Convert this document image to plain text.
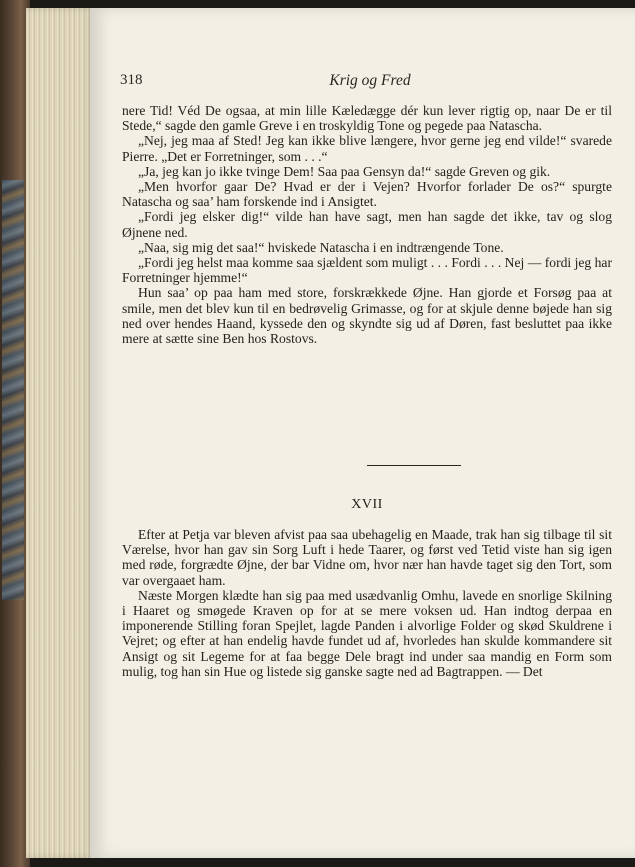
318	Krig og Fred

nere Tid! Véd De ogsaa, at min lille Kæledægge dér kun lever rigtig op, naar De er til Stede,“ sagde den gamle Greve i en troskyldig Tone og pegede paa Natascha.

„Nej, jeg maa af Sted! Jeg kan ikke blive længere, hvor gerne jeg end vilde!“ svarede Pierre. „Det er Forretninger, som . . .“

„Ja, jeg kan jo ikke tvinge Dem! Saa paa Gensyn da!“ sagde Greven og gik.

„Men hvorfor gaar De? Hvad er der i Vejen? Hvorfor forlader De os?“ spurgte Natascha og saa’ ham forskende ind i Ansigtet.

„Fordi jeg elsker dig!“ vilde han have sagt, men han sagde det ikke, tav og slog Øjnene ned.

„Naa, sig mig det saa!“ hviskede Natascha i en indtrængende Tone.

„Fordi jeg helst maa komme saa sjældent som muligt . . . Fordi . . . Nej — fordi jeg har Forretninger hjemme!“

Hun saa’ op paa ham med store, forskrækkede Øjne. Han gjorde et Forsøg paa at smile, men det blev kun til en bedrøvelig Grimasse, og for at skjule denne bøjede han sig ned over hendes Haand, kyssede den og skyndte sig ud af Døren, fast besluttet paa ikke mere at sætte sine Ben hos Rostovs.

XVII

Efter at Petja var bleven afvist paa saa ubehagelig en Maade, trak han sig tilbage til sit Værelse, hvor han gav sin Sorg Luft i hede Taarer, og først ved Tetid viste han sig igen med røde, forgrædte Øjne, der bar Vidne om, hvor nær han havde taget sig den Tort, som var overgaaet ham.

Næste Morgen klædte han sig paa med usædvanlig Omhu, lavede en snorlige Skilning i Haaret og smøgede Kraven op for at se mere voksen ud. Han indtog derpaa en imponerende Stilling foran Spejlet, lagde Panden i alvorlige Folder og skød Skuldrene i Vejret; og efter at han endelig havde fundet ud af, hvorledes han skulde kommandere sit Ansigt og sit Legeme for at faa begge Dele bragt ind under saa mandig en Form som mulig, tog han sin Hue og listede sig ganske sagte ned ad Bagtrappen. — Det
